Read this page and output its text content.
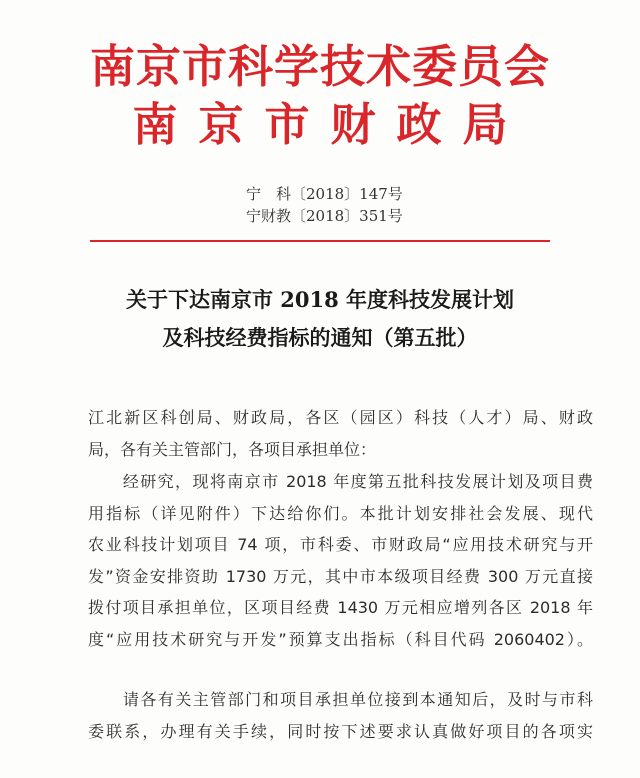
南京市科学技术委员会
南京市财政局
宁　科〔2018〕147号
宁财教〔2018〕351号
关于下达南京市 2018 年度科技发展计划
及科技经费指标的通知（第五批）
江北新区科创局、财政局，各区（园区）科技（人才）局、财政
局，各有关主管部门，各项目承担单位：
　　经研究，现将南京市 2018 年度第五批科技发展计划及项目费
用指标（详见附件）下达给你们。本批计划安排社会发展、现代
农业科技计划项目 74 项，市科委、市财政局“应用技术研究与开
发”资金安排资助 1730 万元，其中市本级项目经费 300 万元直接
拨付项目承担单位，区项目经费 1430 万元相应增列各区 2018 年
度“应用技术研究与开发”预算支出指标（科目代码 2060402）。
　　请各有关主管部门和项目承担单位接到本通知后，及时与市科
委联系，办理有关手续，同时按下述要求认真做好项目的各项实
